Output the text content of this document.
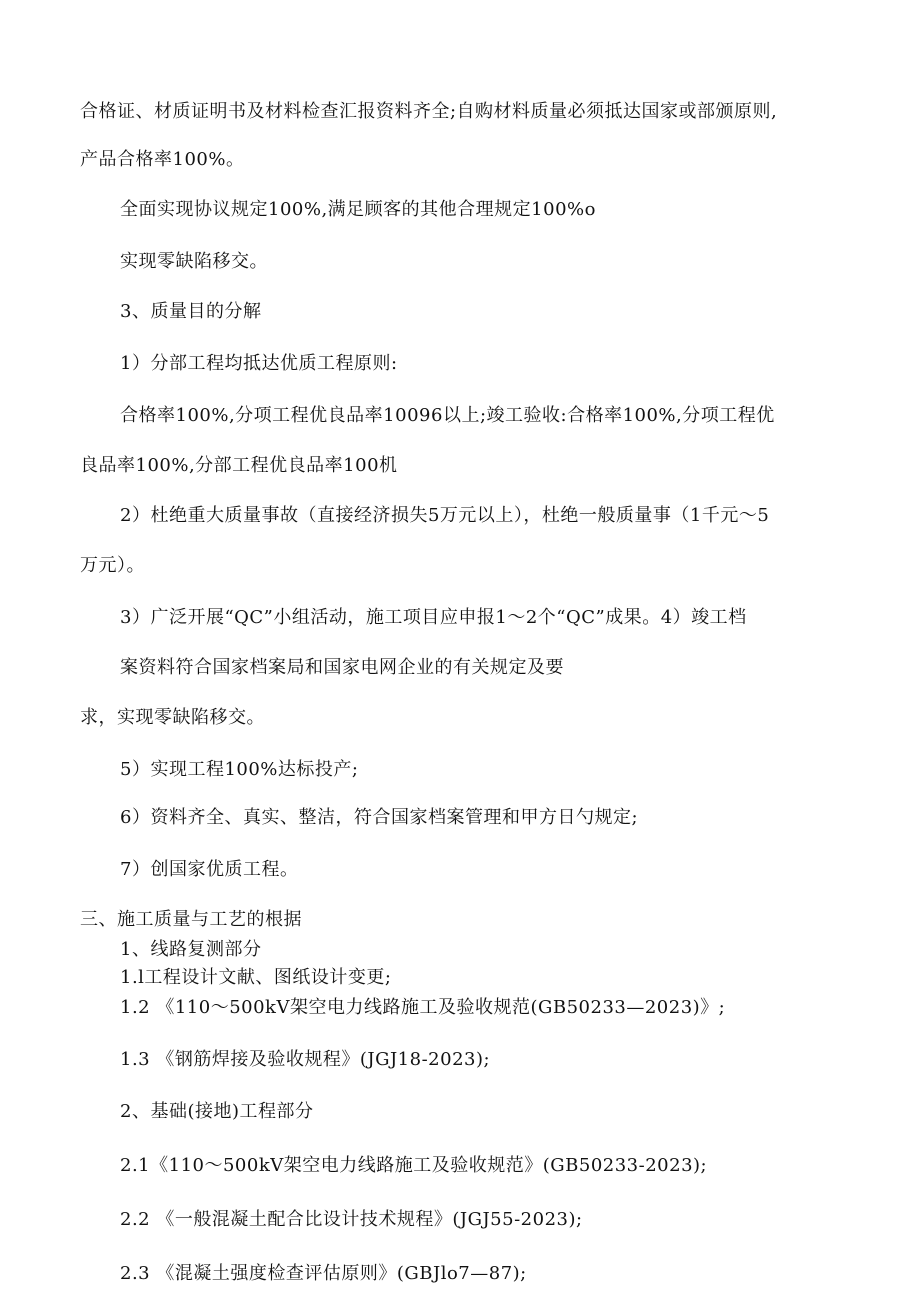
合格证、材质证明书及材料检查汇报资料齐全;自购材料质量必须抵达国家或部颁原则,
产品合格率100%。
全面实现协议规定100%,满足顾客的其他合理规定100%o
实现零缺陷移交。
3、质量目的分解
1）分部工程均抵达优质工程原则:
合格率100%,分项工程优良品率10096以上;竣工验收:合格率100%,分项工程优
良品率100%,分部工程优良品率100机
2）杜绝重大质量事故（直接经济损失5万元以上），杜绝一般质量事（1千元～5
万元）。
3）广泛开展“QC”小组活动，施工项目应申报1～2个“QC”成果。4）竣工档
案资料符合国家档案局和国家电网企业的有关规定及要
求，实现零缺陷移交。
5）实现工程100%达标投产;
6）资料齐全、真实、整洁，符合国家档案管理和甲方日勺规定;
7）创国家优质工程。
三、施工质量与工艺的根据
1、线路复测部分
1.l工程设计文献、图纸设计变更;
1.2 《110～500kV架空电力线路施工及验收规范(GB50233—2023)》;
1.3 《钢筋焊接及验收规程》(JGJ18-2023);
2、基础(接地)工程部分
2.1《110～500kV架空电力线路施工及验收规范》(GB50233-2023);
2.2 《一般混凝土配合比设计技术规程》(JGJ55-2023);
2.3 《混凝土强度检查评估原则》(GBJlo7—87);
